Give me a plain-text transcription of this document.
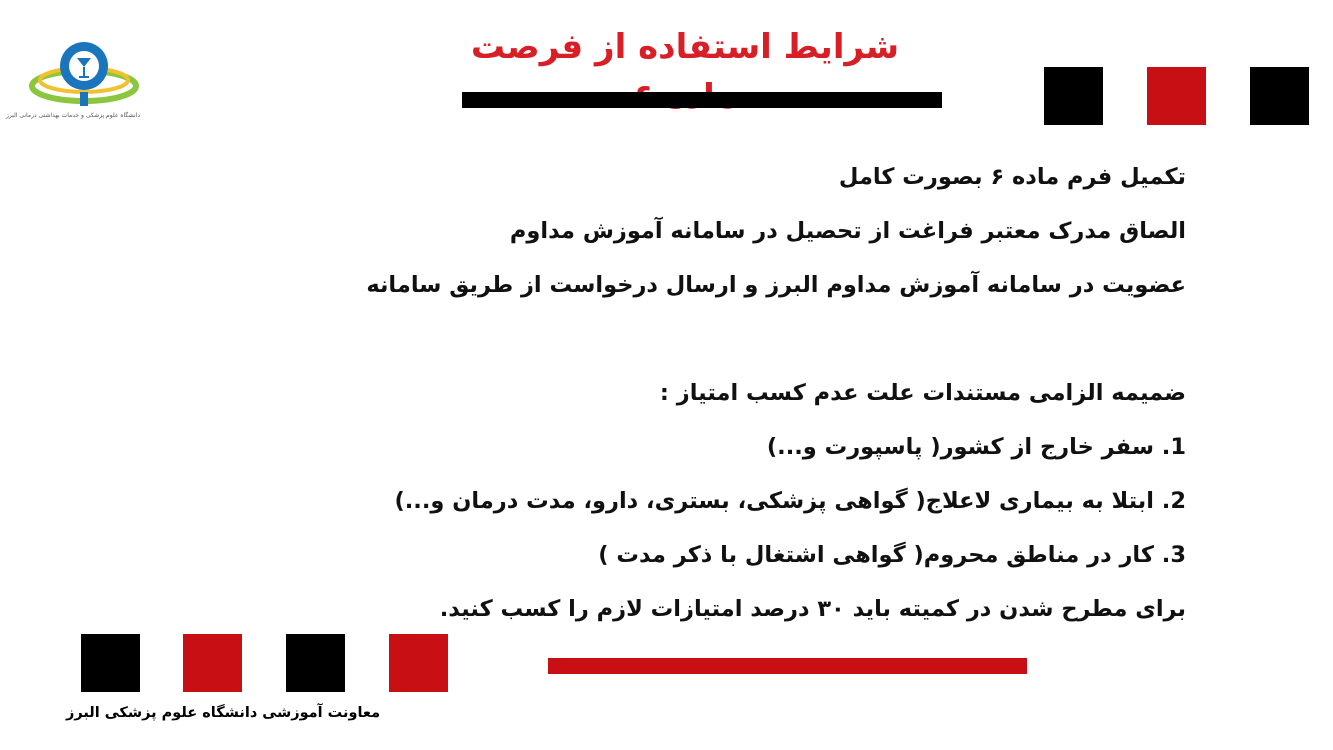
دانشگاه علوم پزشکی و خدمات بهداشتی درمانی البرز
شرایط استفاده از فرصت
تکمیل فرم ماده ۶ بصورت کامل
الصاق مدرک معتبر فراغت از تحصیل در سامانه آموزش مداوم
عضویت در سامانه آموزش مداوم البرز و ارسال درخواست از طریق سامانه
ضمیمه الزامی مستندات علت عدم کسب امتیاز :
1. سفر خارج از کشور( پاسپورت و...)
2. ابتلا به بیماری لاعلاج( گواهی پزشکی، بستری، دارو، مدت درمان و...)
3. کار در مناطق محروم( گواهی اشتغال با ذکر مدت )
برای مطرح شدن در کمیته باید ۳۰ درصد امتیازات لازم را کسب کنید.
معاونت آموزشی دانشگاه علوم پزشکی البرز
